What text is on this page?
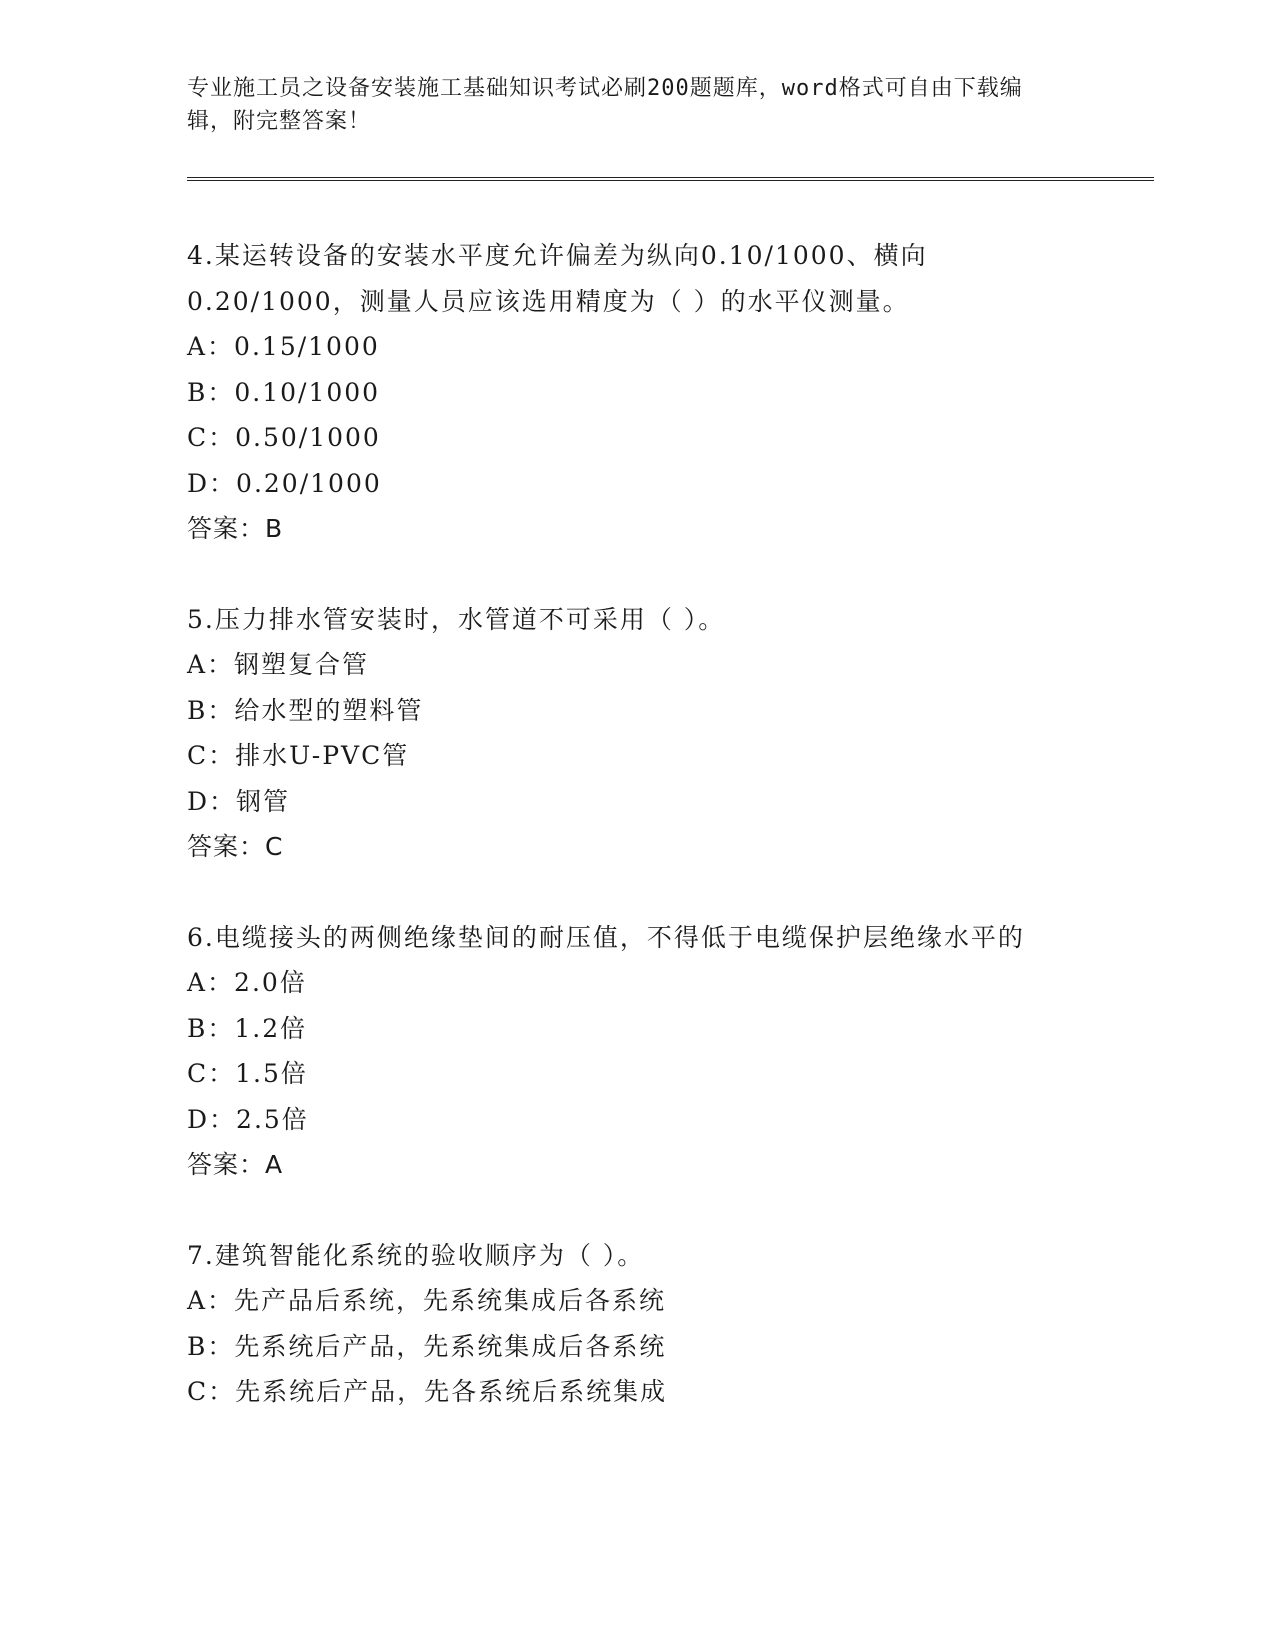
专业施工员之设备安装施工基础知识考试必刷200题题库，word格式可自由下载编辑，附完整答案！
4.某运转设备的安装水平度允许偏差为纵向0.10/1000、横向0.20/1000，测量人员应该选用精度为（ ）的水平仪测量。
A：0.15/1000
B：0.10/1000
C：0.50/1000
D：0.20/1000
答案：B
5.压力排水管安装时，水管道不可采用（ ）。
A：钢塑复合管
B：给水型的塑料管
C：排水U-PVC管
D：钢管
答案：C
6.电缆接头的两侧绝缘垫间的耐压值，不得低于电缆保护层绝缘水平的
A：2.0倍
B：1.2倍
C：1.5倍
D：2.5倍
答案：A
7.建筑智能化系统的验收顺序为（ ）。
A：先产品后系统，先系统集成后各系统
B：先系统后产品，先系统集成后各系统
C：先系统后产品，先各系统后系统集成
